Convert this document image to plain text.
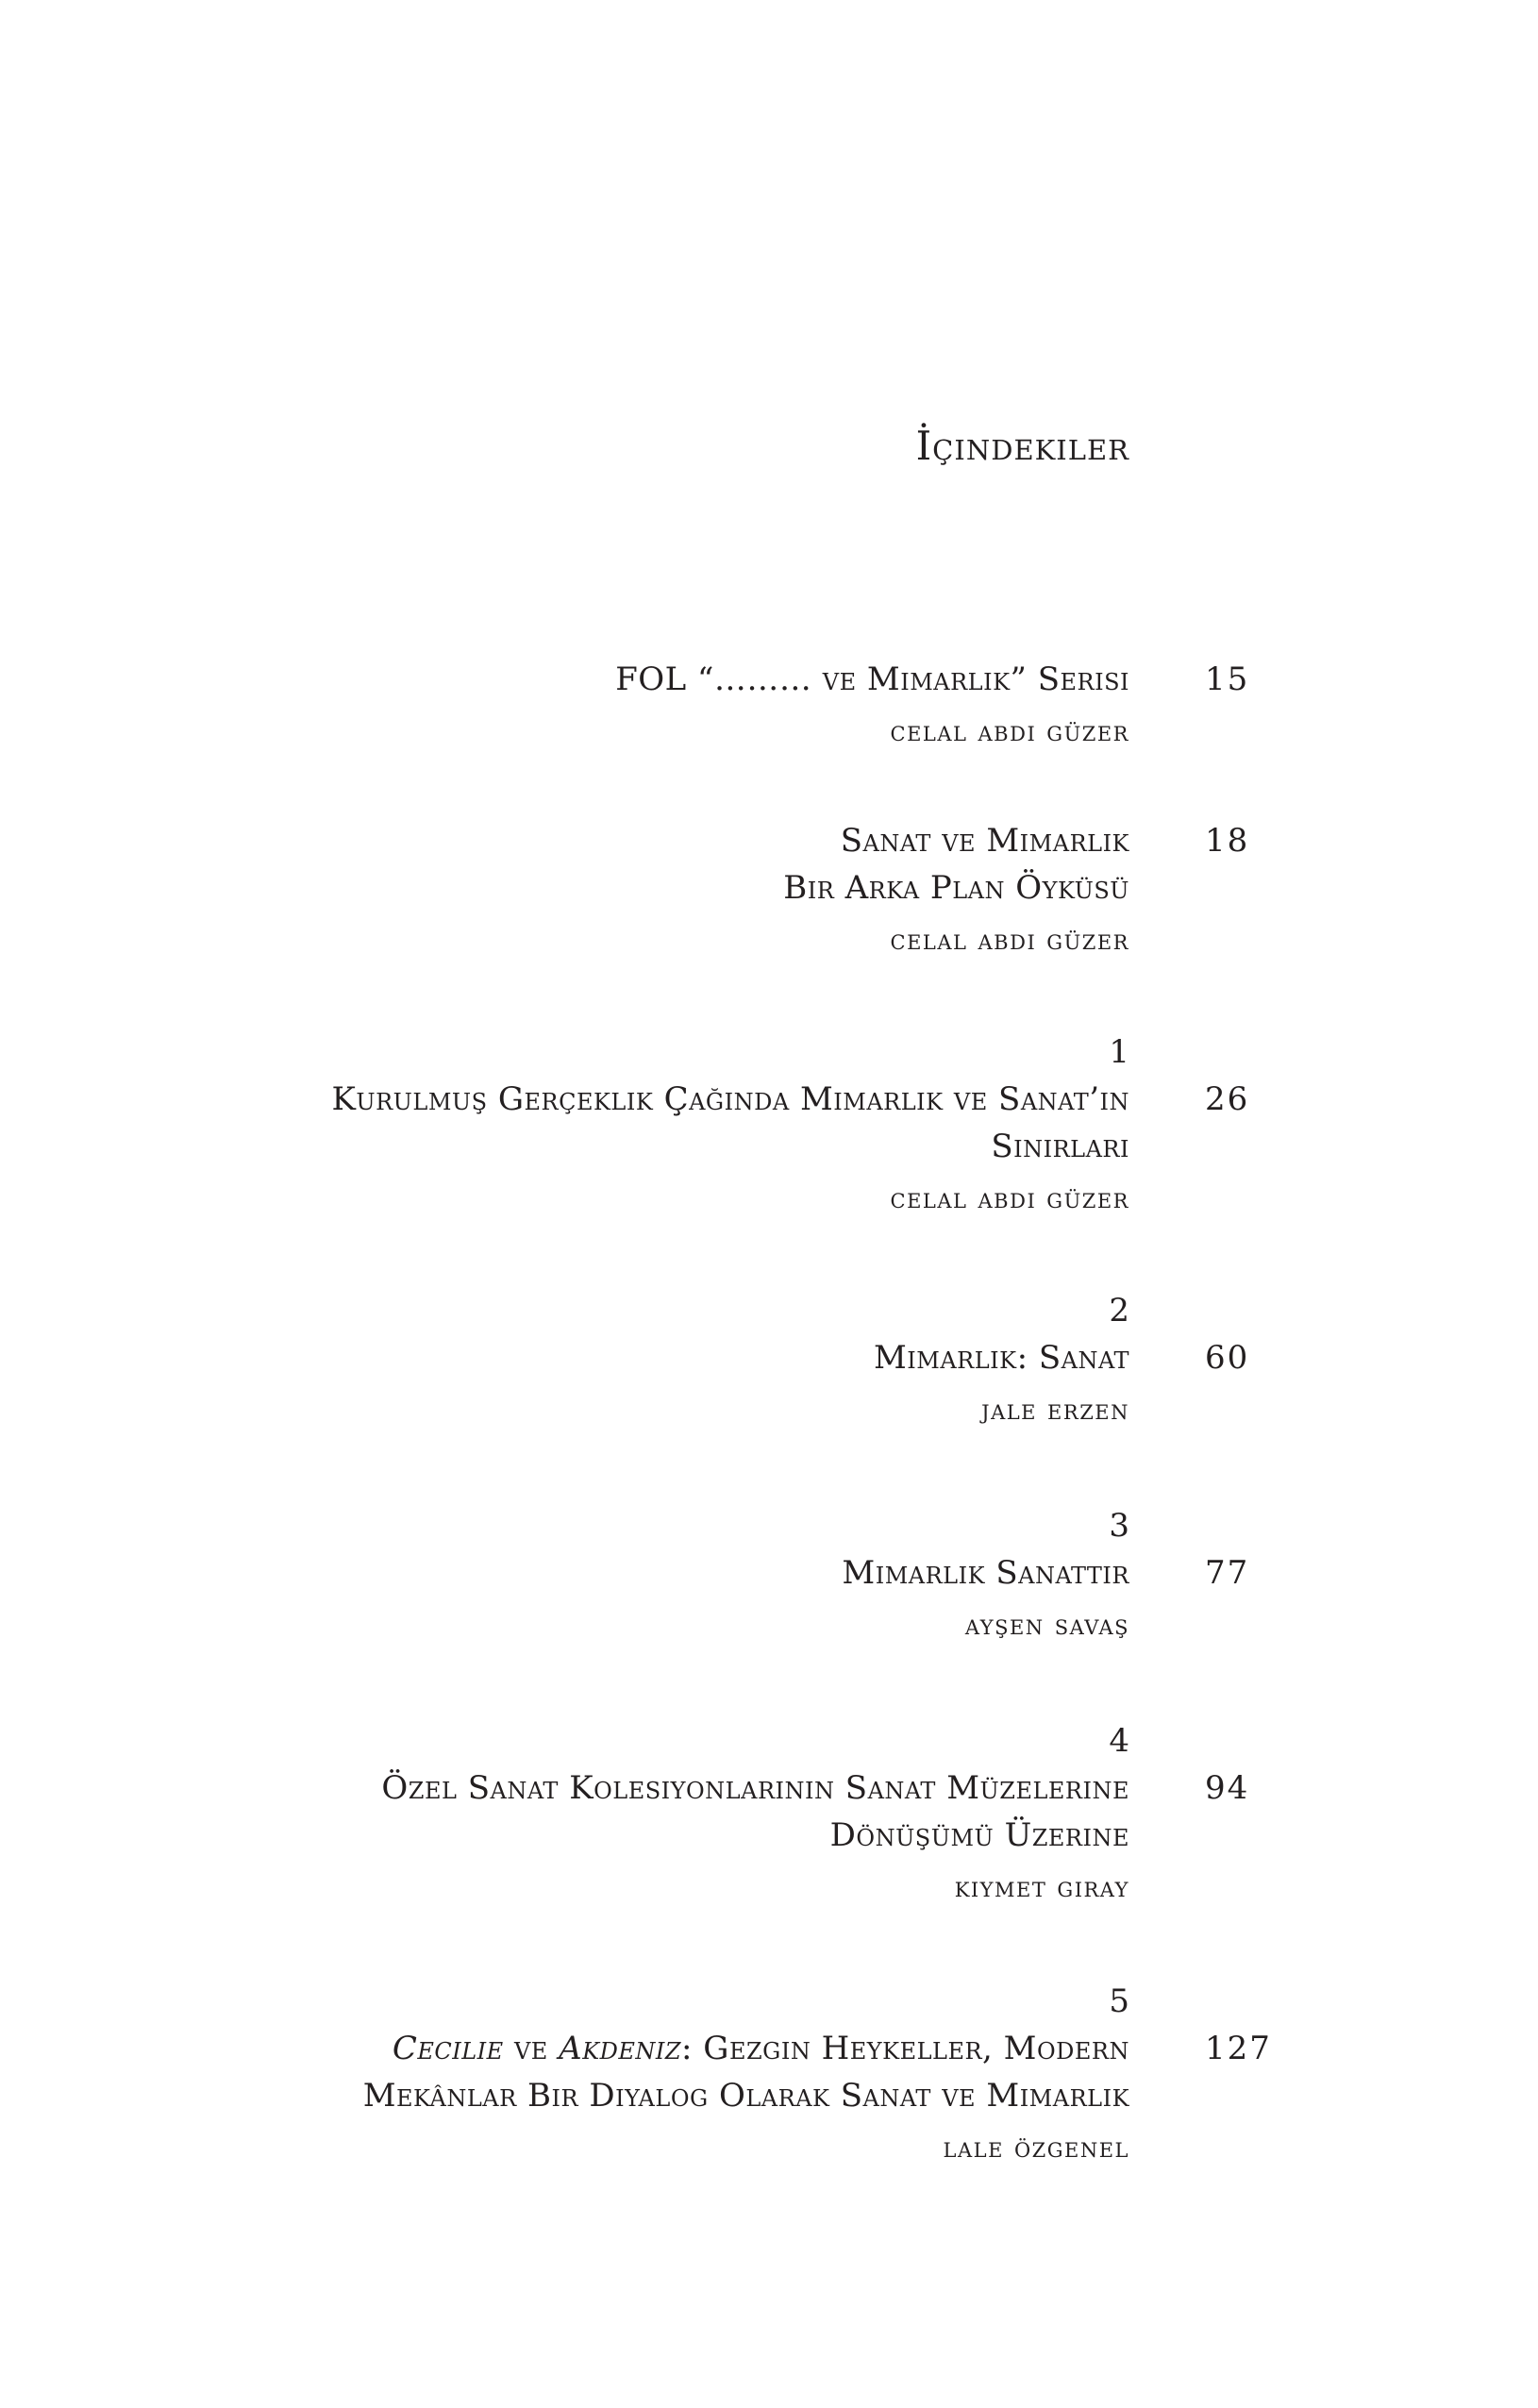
İçindekiler
FOL “……… ve Mimarlık” Serisi
celal abdi güzer
15
Sanat ve Mimarlık
Bir Arka Plan Öyküsü
celal abdi güzer
18
1
Kurulmuş Gerçeklik Çağında Mimarlık ve Sanat’ın
Sınırları
celal abdi güzer
26
2
Mimarlık: Sanat
jale erzen
60
3
Mimarlık Sanattır
ayşen savaş
77
4
Özel Sanat Kolesiyonlarının Sanat Müzelerine
Dönüşümü Üzerine
kıymet giray
94
5
Cecilie ve Akdeniz: Gezgin Heykeller, Modern
Mekânlar Bir Diyalog Olarak Sanat ve Mimarlık
lale özgenel
127
